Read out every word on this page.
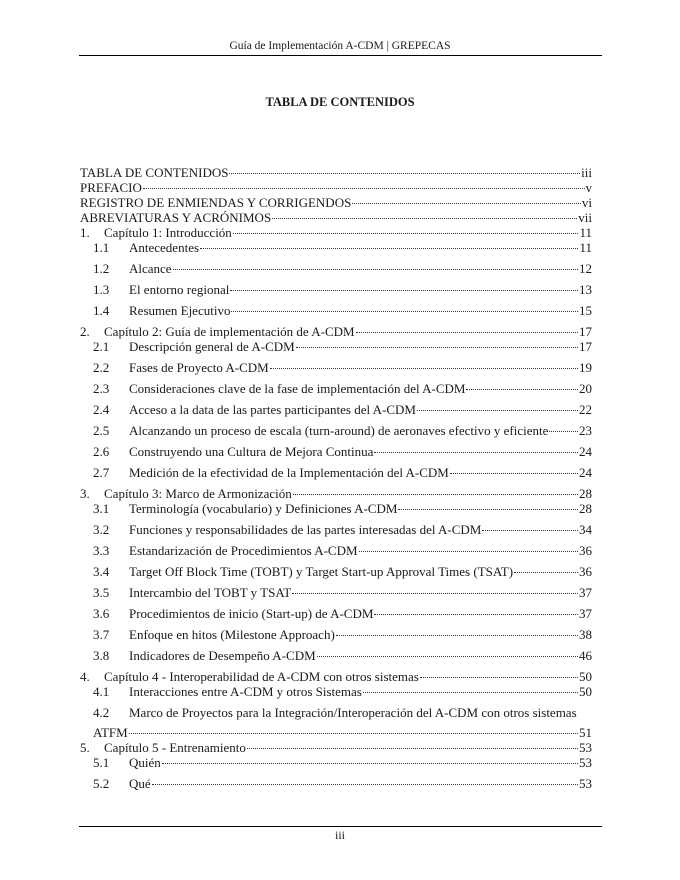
Guía de Implementación A-CDM | GREPECAS
TABLA DE CONTENIDOS
TABLA DE CONTENIDOS	iii
PREFACIO	v
REGISTRO DE ENMIENDAS Y CORRIGENDOS	vi
ABREVIATURAS Y ACRÓNIMOS	vii
1.	Capítulo 1: Introducción	11
1.1	Antecedentes	11
1.2	Alcance	12
1.3	El entorno regional	13
1.4	Resumen Ejecutivo	15
2.	Capítulo 2: Guía de implementación de A-CDM	17
2.1	Descripción general de A-CDM	17
2.2	Fases de Proyecto A-CDM	19
2.3	Consideraciones clave de la fase de implementación del A-CDM	20
2.4	Acceso a la data de las partes participantes del A-CDM	22
2.5	Alcanzando un proceso de escala (turn-around) de aeronaves efectivo y eficiente 23
2.6	Construyendo una Cultura de Mejora Continua	24
2.7	Medición de la efectividad de la Implementación del A-CDM	24
3.	Capítulo 3: Marco de Armonización	28
3.1	Terminología (vocabulario) y Definiciones A-CDM	28
3.2	Funciones y responsabilidades de las partes interesadas del A-CDM	34
3.3	Estandarización de Procedimientos A-CDM	36
3.4	Target Off Block Time (TOBT) y Target Start-up Approval Times (TSAT)	36
3.5	Intercambio del TOBT y TSAT	37
3.6	Procedimientos de inicio (Start-up) de A-CDM	37
3.7	Enfoque en hitos (Milestone Approach)	38
3.8	Indicadores de Desempeño A-CDM	46
4.	Capítulo 4 - Interoperabilidad de A-CDM con otros sistemas	50
4.1	Interacciones entre A-CDM y otros Sistemas	50
4.2 Marco de Proyectos para la Integración/Interoperación del A-CDM con otros sistemas
ATFM	51
5.	Capítulo 5 - Entrenamiento	53
5.1	Quién	53
5.2	Qué	53
iii
